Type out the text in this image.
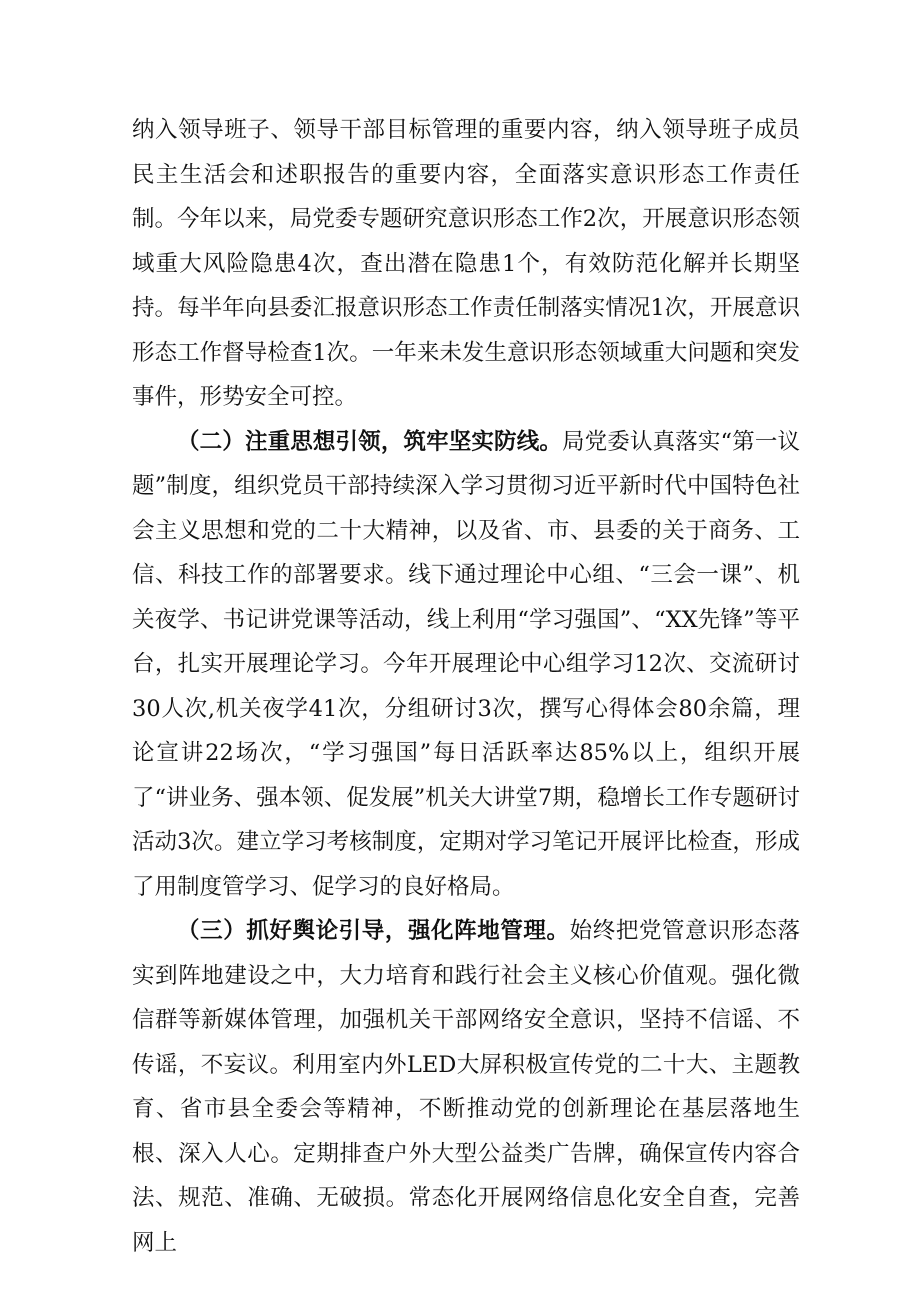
纳入领导班子、领导干部目标管理的重要内容，纳入领导班子成员民主生活会和述职报告的重要内容，全面落实意识形态工作责任制。今年以来，局党委专题研究意识形态工作2次，开展意识形态领域重大风险隐患4次，查出潜在隐患1个，有效防范化解并长期坚持。每半年向县委汇报意识形态工作责任制落实情况1次，开展意识形态工作督导检查1次。一年来未发生意识形态领域重大问题和突发事件，形势安全可控。

（二）注重思想引领，筑牢坚实防线。局党委认真落实“第一议题”制度，组织党员干部持续深入学习贯彻习近平新时代中国特色社会主义思想和党的二十大精神，以及省、市、县委的关于商务、工信、科技工作的部署要求。线下通过理论中心组、“三会一课”、机关夜学、书记讲党课等活动，线上利用“学习强国”、“XX先锋”等平台，扎实开展理论学习。今年开展理论中心组学习12次、交流研讨30人次,机关夜学41次，分组研讨3次，撰写心得体会80余篇，理论宣讲22场次，“学习强国”每日活跃率达85%以上，组织开展了“讲业务、强本领、促发展”机关大讲堂7期，稳增长工作专题研讨活动3次。建立学习考核制度，定期对学习笔记开展评比检查，形成了用制度管学习、促学习的良好格局。

（三）抓好舆论引导，强化阵地管理。始终把党管意识形态落实到阵地建设之中，大力培育和践行社会主义核心价值观。强化微信群等新媒体管理，加强机关干部网络安全意识，坚持不信谣、不传谣，不妄议。利用室内外LED大屏积极宣传党的二十大、主题教育、省市县全委会等精神，不断推动党的创新理论在基层落地生根、深入人心。定期排查户外大型公益类广告牌，确保宣传内容合法、规范、准确、无破损。常态化开展网络信息化安全自查，完善网上
